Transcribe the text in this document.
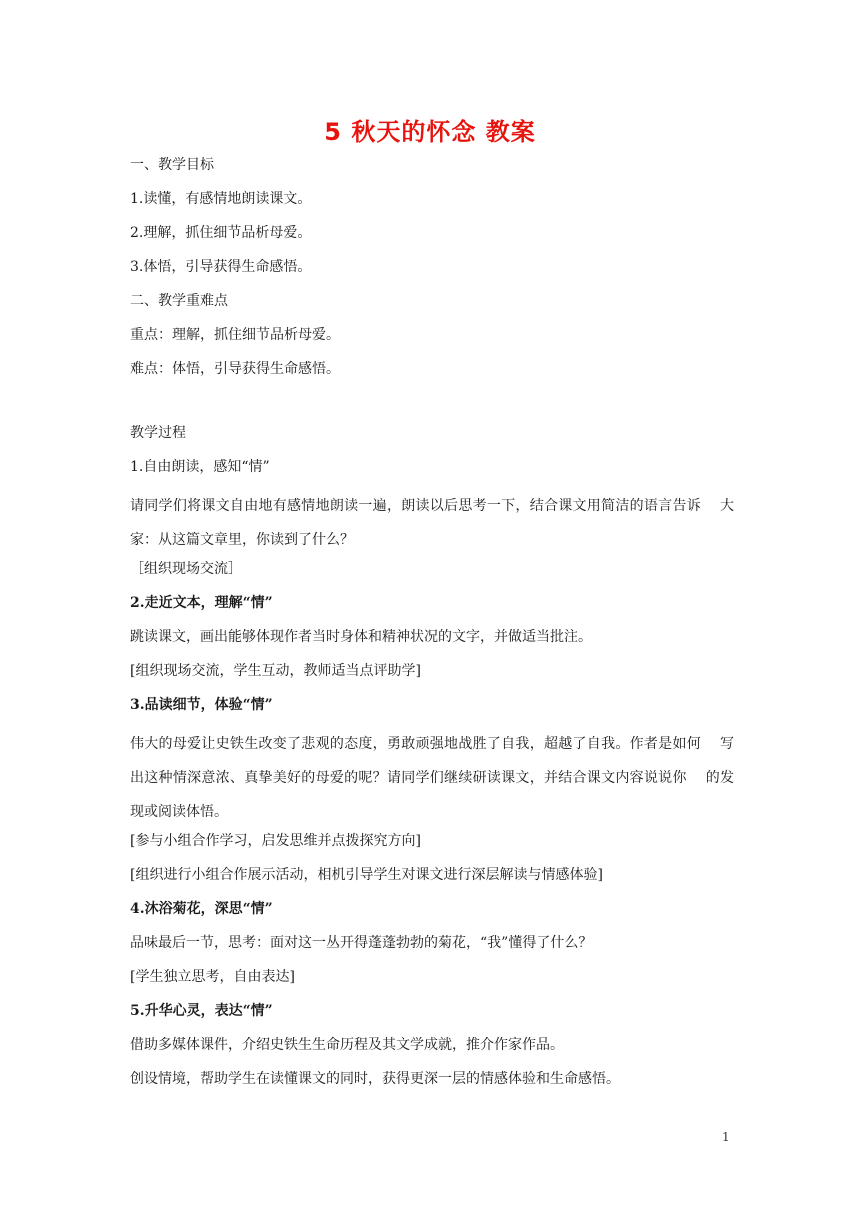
5 秋天的怀念 教案
一、教学目标
1.读懂，有感情地朗读课文。
2.理解，抓住细节品析母爱。
3.体悟，引导获得生命感悟。
二、教学重难点
重点：理解，抓住细节品析母爱。
难点：体悟，引导获得生命感悟。
教学过程
1.自由朗读，感知“情”
请同学们将课文自由地有感情地朗读一遍，朗读以后思考一下，结合课文用简洁的语言告诉　 大家：从这篇文章里，你读到了什么？
［组织现场交流］
2.走近文本，理解“情”
跳读课文，画出能够体现作者当时身体和精神状况的文字，并做适当批注。
[组织现场交流，学生互动，教师适当点评助学]
3.品读细节，体验“情”
伟大的母爱让史铁生改变了悲观的态度，勇敢顽强地战胜了自我，超越了自我。作者是如何　 写出这种情深意浓、真挚美好的母爱的呢？请同学们继续研读课文，并结合课文内容说说你　 的发现或阅读体悟。
[参与小组合作学习，启发思维并点拨探究方向]
[组织进行小组合作展示活动，相机引导学生对课文进行深层解读与情感体验]
4.沐浴菊花，深思“情”
品味最后一节，思考：面对这一丛开得蓬蓬勃勃的菊花，“我”懂得了什么？
[学生独立思考，自由表达]
5.升华心灵，表达“情”
借助多媒体课件，介绍史铁生生命历程及其文学成就，推介作家作品。
创设情境，帮助学生在读懂课文的同时，获得更深一层的情感体验和生命感悟。
1
